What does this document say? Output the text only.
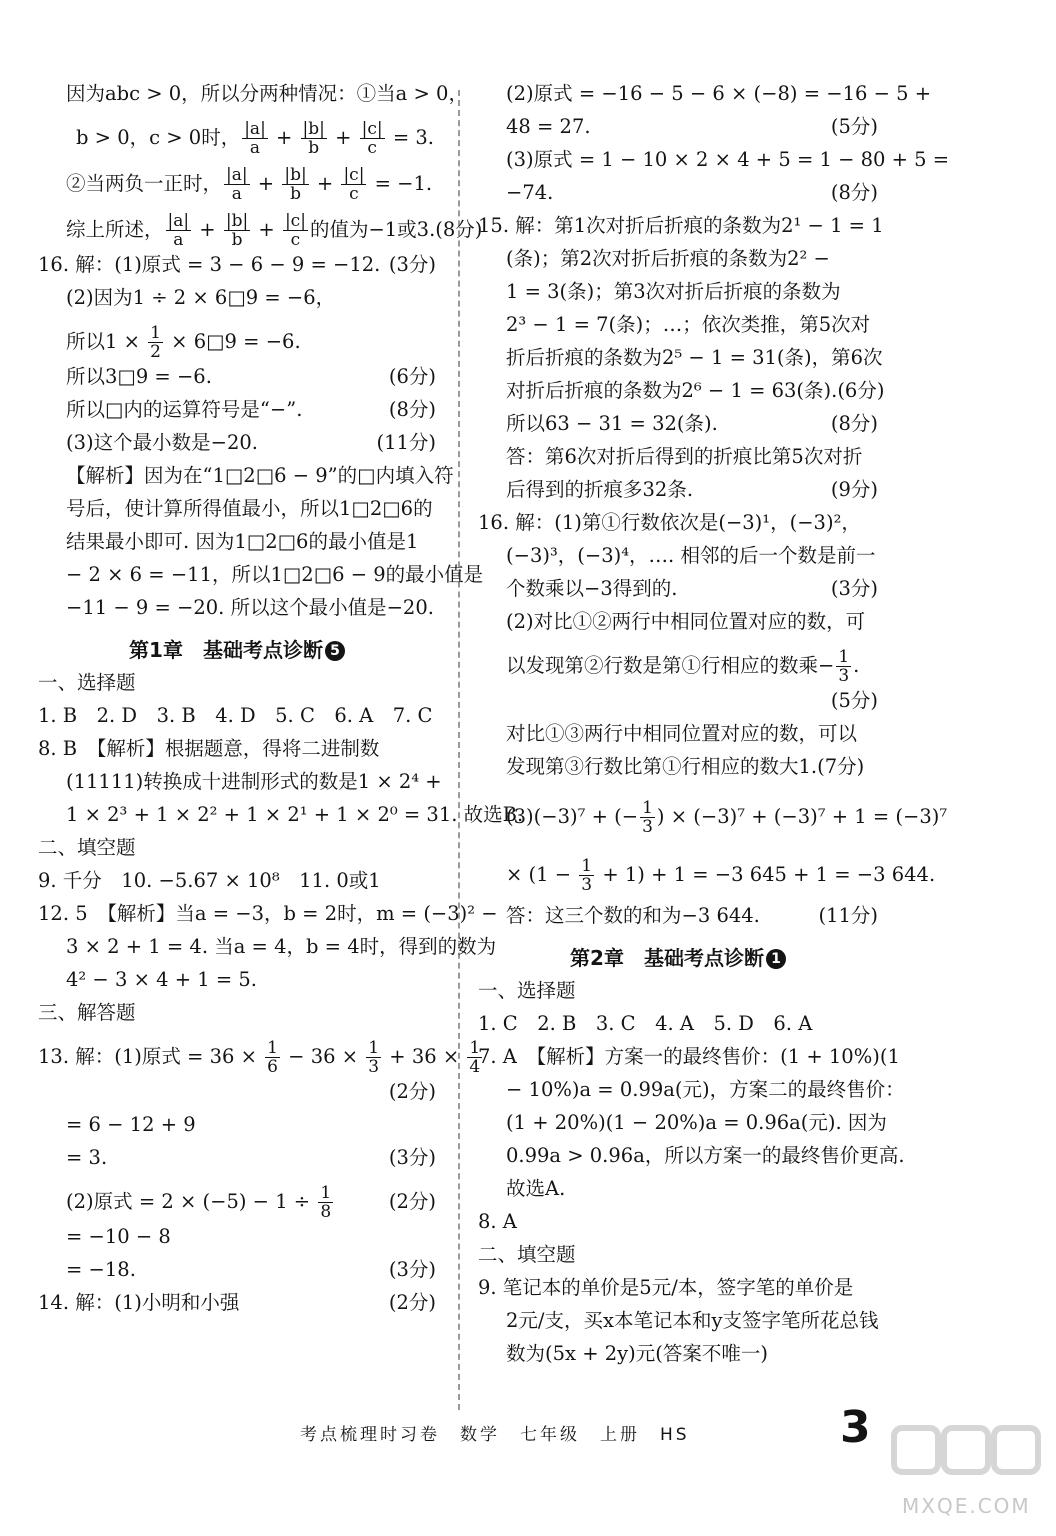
因为abc > 0，所以分两种情况：①当a > 0，
b > 0，c > 0时， $\frac{|a|}{a} + \frac{|b|}{b} + \frac{|c|}{c} = 3$.
②当两负一正时， $\frac{|a|}{a} + \frac{|b|}{b} + \frac{|c|}{c} = -1$.
综上所述， $\frac{|a|}{a} + \frac{|b|}{b} + \frac{|c|}{c}$ 的值为−1或3.(8分)
16. 解：(1)原式 = 3 − 6 − 9 = −12. (3分)
(2)因为1 ÷ 2 × 6□9 = −6，
所以$1 \times \frac{1}{2}$ × 6□9 = −6.
所以3□9 = −6.	(6分)
所以□内的运算符号是“−”.	(8分)
(3)这个最小数是−20.	(11分)
【解析】因为在“1□2□6 − 9”的□内填入符
号后，使计算所得值最小，所以1□2□6的
结果最小即可. 因为1□2□6的最小值是1
− 2 × 6 = −11，所以1□2□6 − 9的最小值是
−11 − 9 = −20. 所以这个最小值是−20.
第1章　基础考点诊断 5
一、选择题
1. B　2. D　3. B　4. D　5. C　6. A　7. C
8. B　【解析】根据题意，得将二进制数
(11111)转换成十进制形式的数是1 × 2⁴ +
1 × 2³ + 1 × 2² + 1 × 2¹ + 1 × 2⁰ = 31. 故选B.
二、填空题
9. 千分　10. −5.67 × 10⁸　11. 0或1
12. 5　【解析】当a = −3，b = 2时，m = (−3)² −
3 × 2 + 1 = 4. 当a = 4，b = 4时，得到的数为
4² − 3 × 4 + 1 = 5.
三、解答题
13. 解：(1)原式 = $36 \times \frac{1}{6} - 36 \times \frac{1}{3} + 36 \times \frac{1}{4}$
(2分)
= 6 − 12 + 9
= 3.	(3分)
(2)原式 = $2 \times (-5) - 1 \div \frac{1}{8}$	(2分)
= −10 − 8
= −18.	(3分)
14. 解：(1)小明和小强	(2分)
(2)原式 = −16 − 5 − 6 × (−8) = −16 − 5 +
48 = 27.	(5分)
(3)原式 = 1 − 10 × 2 × 4 + 5 = 1 − 80 + 5 =
−74.	(8分)
15. 解：第1次对折后折痕的条数为2¹ − 1 = 1
(条)；第2次对折后折痕的条数为2² −
1 = 3(条)；第3次对折后折痕的条数为
2³ − 1 = 7(条)；…；依次类推，第5次对
折后折痕的条数为2⁵ − 1 = 31(条)，第6次
对折后折痕的条数为2⁶ − 1 = 63(条).(6分)
所以63 − 31 = 32(条).	(8分)
答：第6次对折后得到的折痕比第5次对折
后得到的折痕多32条.	(9分)
16. 解：(1)第①行数依次是(−3)¹，(−3)²，
(−3)³，(−3)⁴，…. 相邻的后一个数是前一
个数乘以−3得到的.	(3分)
(2)对比①②两行中相同位置对应的数，可
以发现第②行数是第①行相应的数乘− $\frac{1}{3}$ .
(5分)
对比①③两行中相同位置对应的数，可以
发现第③行数比第①行相应的数大1.(7分)
(3)(−3)⁷ + (− $\frac{1}{3}$ ) × (−3)⁷ + (−3)⁷ + 1 = (−3)⁷
× $(1 - \frac{1}{3} + 1) + 1 = -3$ 645 + 1 = −3 644.
答：这三个数的和为−3 644.	(11分)
第2章　基础考点诊断 1
一、选择题
1. C　2. B　3. C　4. A　5. D　6. A
7. A　【解析】方案一的最终售价：(1 + 10%)(1
− 10%)a = 0.99a(元)，方案二的最终售价：
(1 + 20%)(1 − 20%)a = 0.96a(元). 因为
0.99a > 0.96a，所以方案一的最终售价更高.
故选A.
8. A
二、填空题
9. 笔记本的单价是5元/本，签字笔的单价是
2元/支，买x本笔记本和y支签字笔所花总钱
数为(5x + 2y)元(答案不唯一)
考点梳理时习卷　数学　七年级　上册　HS	3
MXQE.COM
